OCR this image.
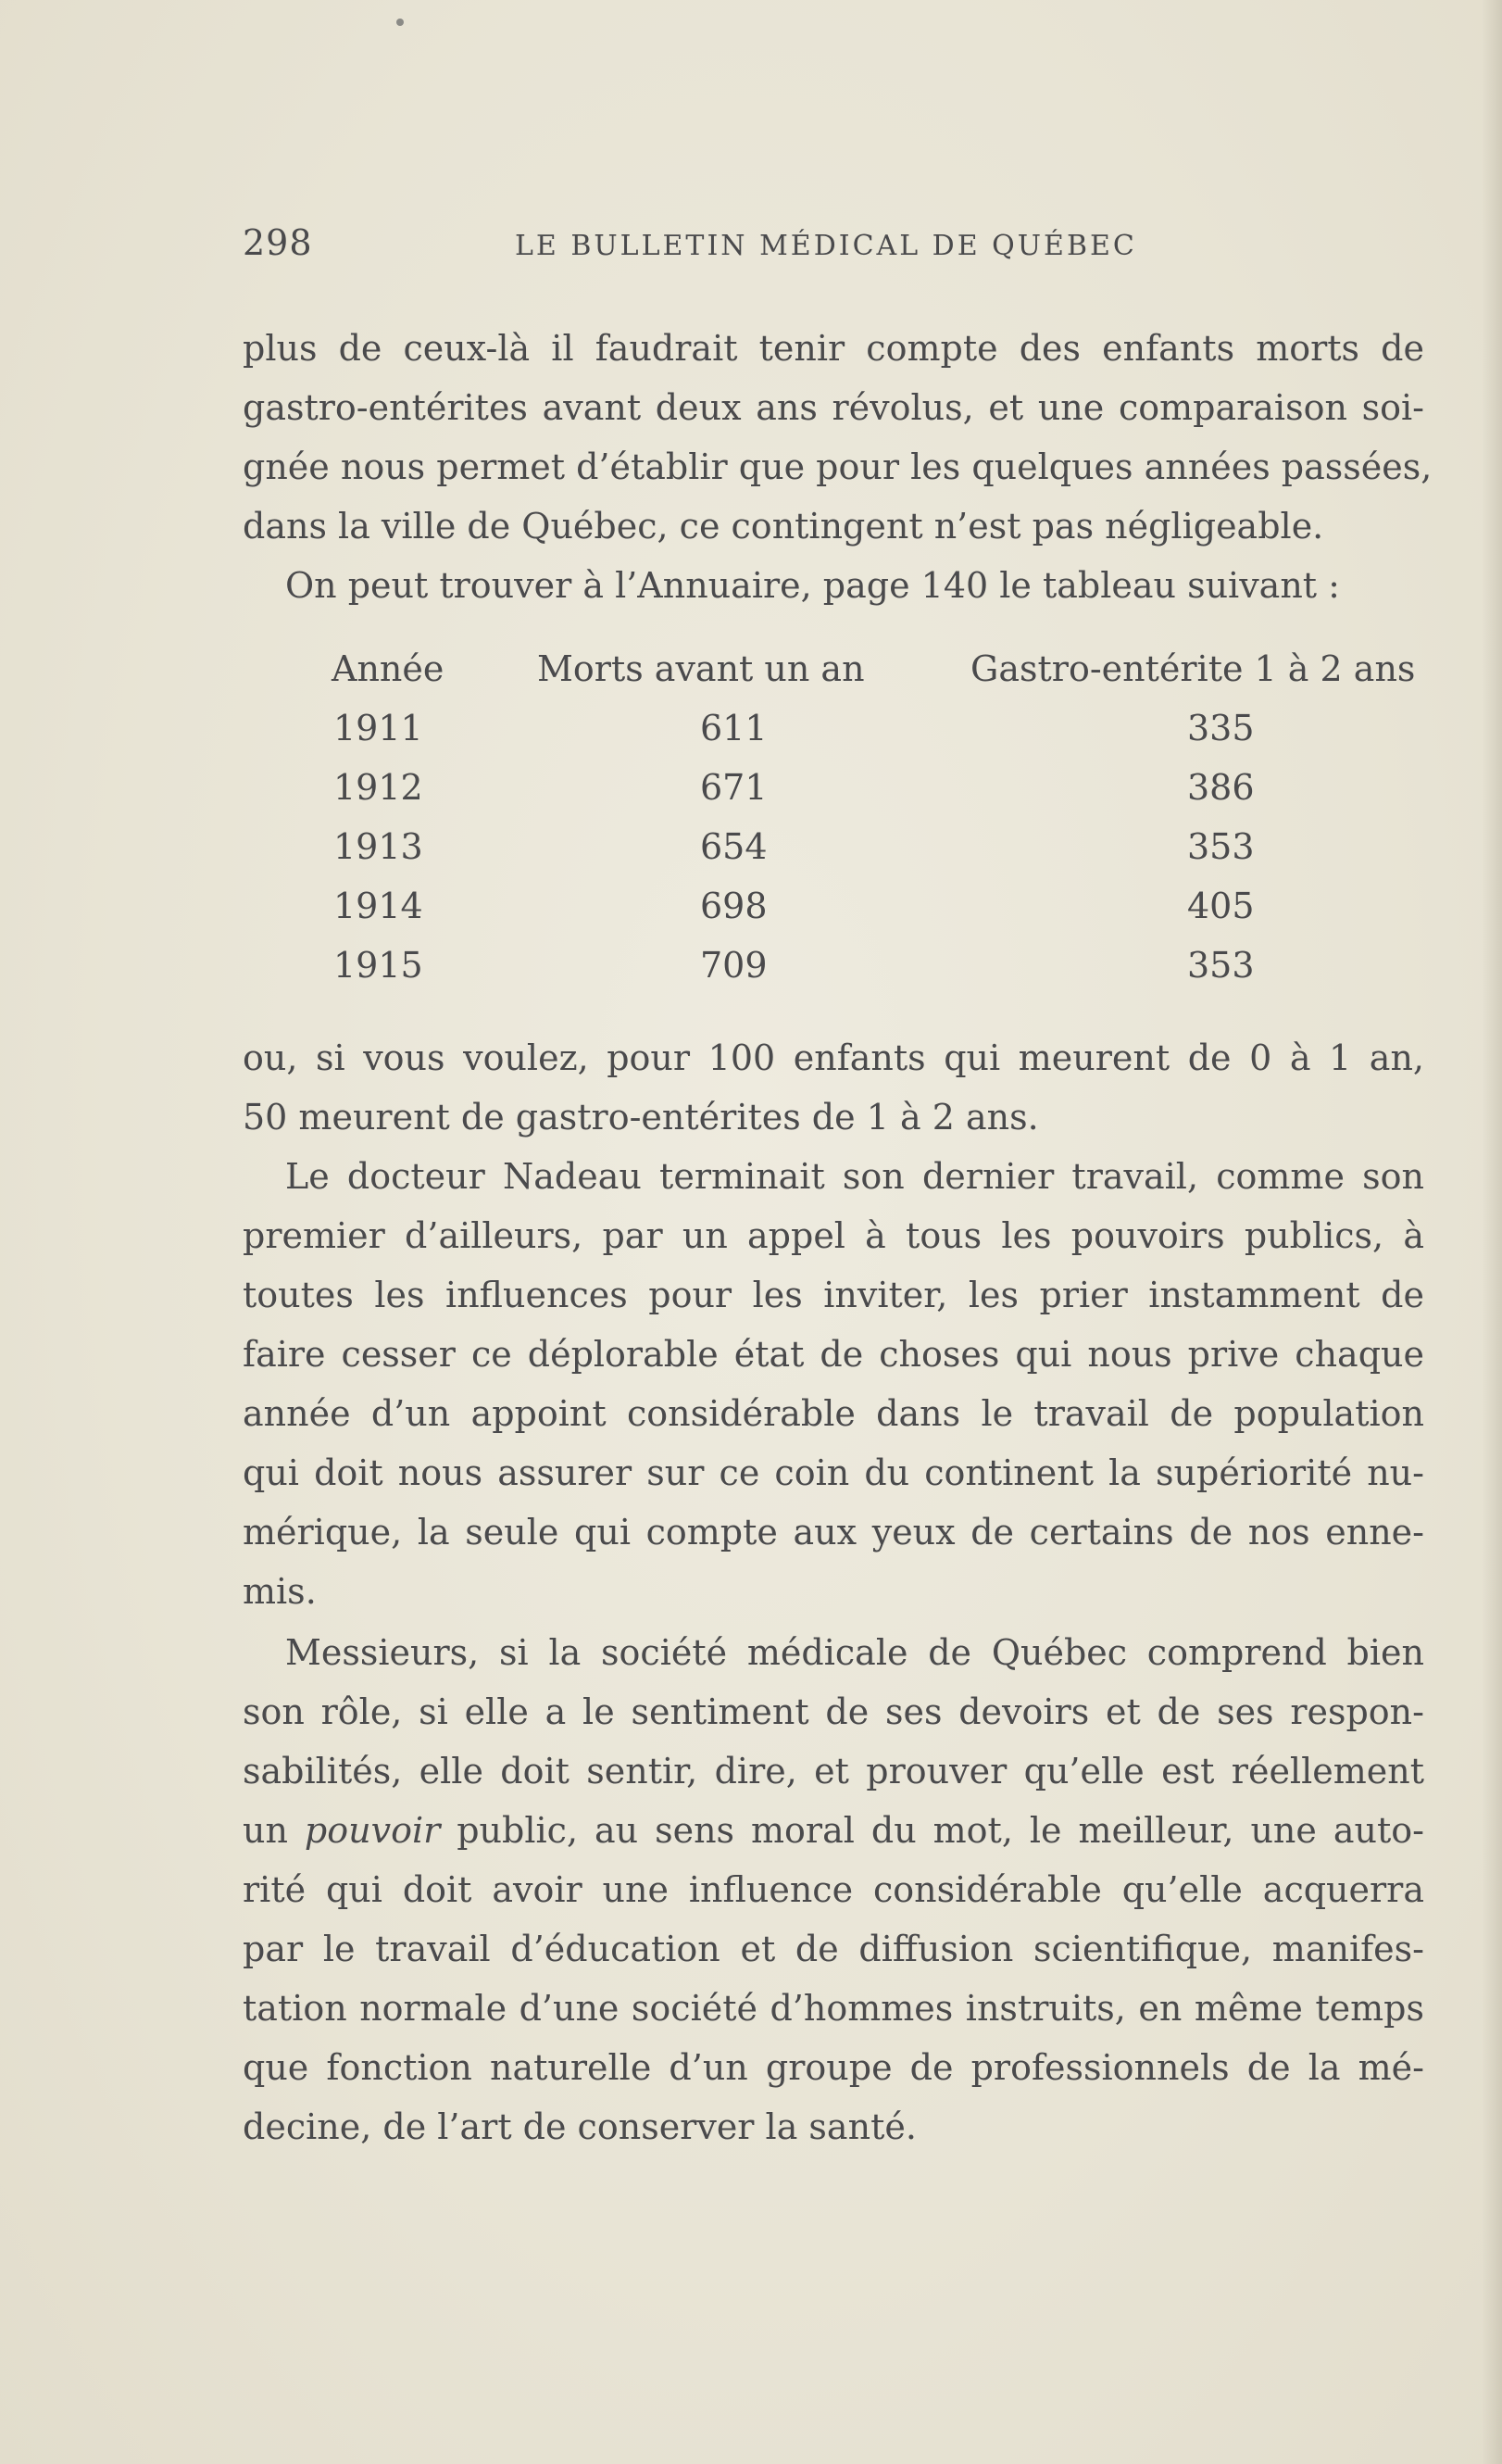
298	LE BULLETIN MÉDICAL DE QUÉBEC
plus de ceux-là il faudrait tenir compte des enfants morts de
gastro-entérites avant deux ans révolus, et une comparaison soi-
gnée nous permet d’établir que pour les quelques années passées,
dans la ville de Québec, ce contingent n’est pas négligeable.
On peut trouver à l’Annuaire, page 140 le tableau suivant :
Année	Morts avant un an	Gastro-entérite 1 à 2 ans
1911	611	335
1912	671	386
1913	654	353
1914	698	405
1915	709	353
ou, si vous voulez, pour 100 enfants qui meurent de 0 à 1 an,
50 meurent de gastro-entérites de 1 à 2 ans.
Le docteur Nadeau terminait son dernier travail, comme son
premier d’ailleurs, par un appel à tous les pouvoirs publics, à
toutes les influences pour les inviter, les prier instamment de
faire cesser ce déplorable état de choses qui nous prive chaque
année d’un appoint considérable dans le travail de population
qui doit nous assurer sur ce coin du continent la supériorité nu-
mérique, la seule qui compte aux yeux de certains de nos enne-
mis.
Messieurs, si la société médicale de Québec comprend bien
son rôle, si elle a le sentiment de ses devoirs et de ses respon-
sabilités, elle doit sentir, dire, et prouver qu’elle est réellement
un pouvoir public, au sens moral du mot, le meilleur, une auto-
rité qui doit avoir une influence considérable qu’elle acquerra
par le travail d’éducation et de diffusion scientifique, manifes-
tation normale d’une société d’hommes instruits, en même temps
que fonction naturelle d’un groupe de professionnels de la mé-
decine, de l’art de conserver la santé.
